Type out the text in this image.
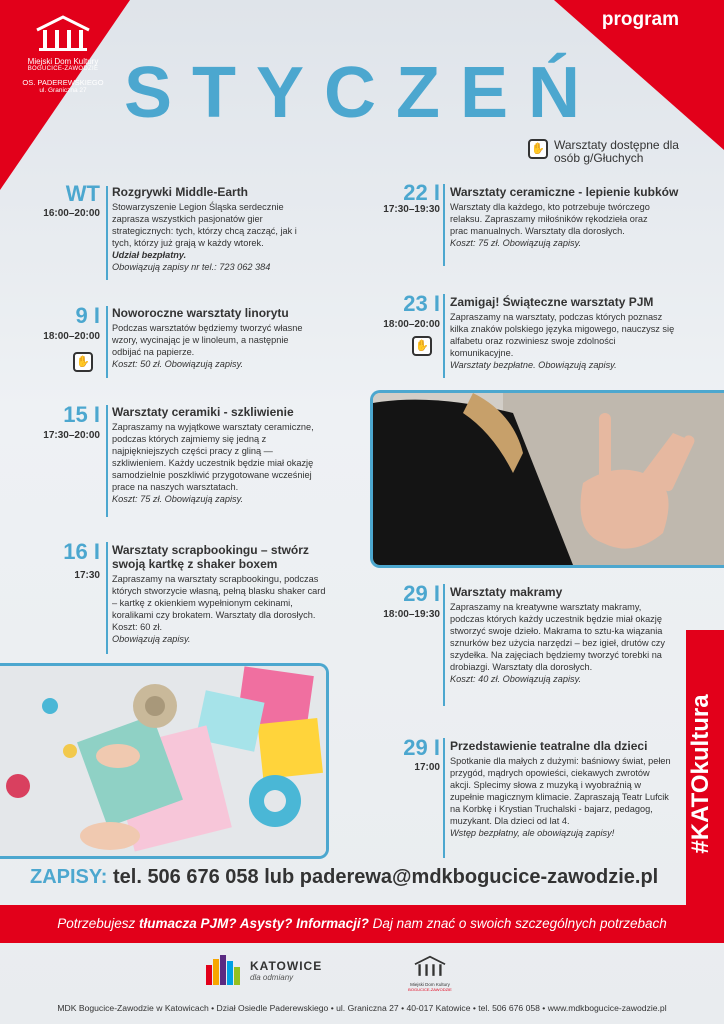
Miejski Dom Kultury
BOGUCICE-ZAWODZIE
OS. PADEREWSKIEGO
ul. Graniczna 27
program
STYCZEŃ
✋ Warsztaty dostępne dla osób g/Głuchych
WT
16:00–20:00
Rozgrywki Middle-Earth
Stowarzyszenie Legion Śląska serdecznie zaprasza wszystkich pasjonatów gier strategicznych: tych, którzy chcą zacząć, jak i tych, którzy już grają w każdy wtorek.
Udział bezpłatny.
Obowiązują zapisy nr tel.: 723 062 384
9 I
18:00–20:00
✋
Noworoczne warsztaty linorytu
Podczas warsztatów będziemy tworzyć własne wzory, wycinając je w linoleum, a następnie odbijać na papierze.
Koszt: 50 zł. Obowiązują zapisy.
15 I
17:30–20:00
Warsztaty ceramiki - szkliwienie
Zapraszamy na wyjątkowe warsztaty ceramiczne, podczas których zajmiemy się jedną z najpiękniejszych części pracy z gliną — szkliwieniem. Każdy uczestnik będzie miał okazję samodzielnie poszkliwić przygotowane wcześniej prace na naszych warsztatach.
Koszt: 75 zł. Obowiązują zapisy.
16 I
17:30
Warsztaty scrapbookingu – stwórz swoją kartkę z shaker boxem
Zapraszamy na warsztaty scrapbookingu, podczas których stworzycie własną, pełną blasku shaker card – kartkę z okienkiem wypełnionym cekinami, koralikami czy brokatem. Warsztaty dla dorosłych. Koszt: 60 zł.
Obowiązują zapisy.
22 I
17:30–19:30
Warsztaty ceramiczne - lepienie kubków
Warsztaty dla każdego, kto potrzebuje twórczego relaksu. Zapraszamy miłośników rękodzieła oraz prac manualnych. Warsztaty dla dorosłych.
Koszt: 75 zł. Obowiązują zapisy.
23 I
18:00–20:00
✋
Zamigaj! Świąteczne warsztaty PJM
Zapraszamy na warsztaty, podczas których poznasz kilka znaków polskiego języka migowego, nauczysz się alfabetu oraz rozwiniesz swoje zdolności komunikacyjne.
Warsztaty bezpłatne. Obowiązują zapisy.
29 I
18:00–19:30
Warsztaty makramy
Zapraszamy na kreatywne warsztaty makramy, podczas których każdy uczestnik będzie miał okazję stworzyć swoje dzieło. Makrama to sztu-ka wiązania sznurków bez użycia narzędzi – bez igieł, drutów czy szydełka. Na zajęciach będziemy tworzyć torebki na drobiazgi. Warsztaty dla dorosłych.
Koszt: 40 zł. Obowiązują zapisy.
29 I
17:00
Przedstawienie teatralne dla dzieci
Spotkanie dla małych z dużymi: baśniowy świat, pełen przygód, mądrych opowieści, ciekawych zwrotów akcji. Splecimy słowa z muzyką i wyobraźnią w zupełnie magicznym klimacie. Zapraszają Teatr Lufcik na Korbkę i Krystian Truchalski - bajarz, pedagog, muzykant. Dla dzieci od lat 4.
Wstęp bezpłatny, ale obowiązują zapisy!
ZAPISY: tel. 506 676 058 lub paderewa@mdkbogucice-zawodzie.pl
#KATOkultura
Potrzebujesz tłumacza PJM? Asysty? Informacji? Daj nam znać o swoich szczególnych potrzebach
KATOWICE
dla odmiany
Miejski Dom Kultury
BOGUCICE-ZAWODZIE
MDK Bogucice-Zawodzie w Katowicach • Dział Osiedle Paderewskiego • ul. Graniczna 27 • 40-017 Katowice • tel. 506 676 058 • www.mdkbogucice-zawodzie.pl
